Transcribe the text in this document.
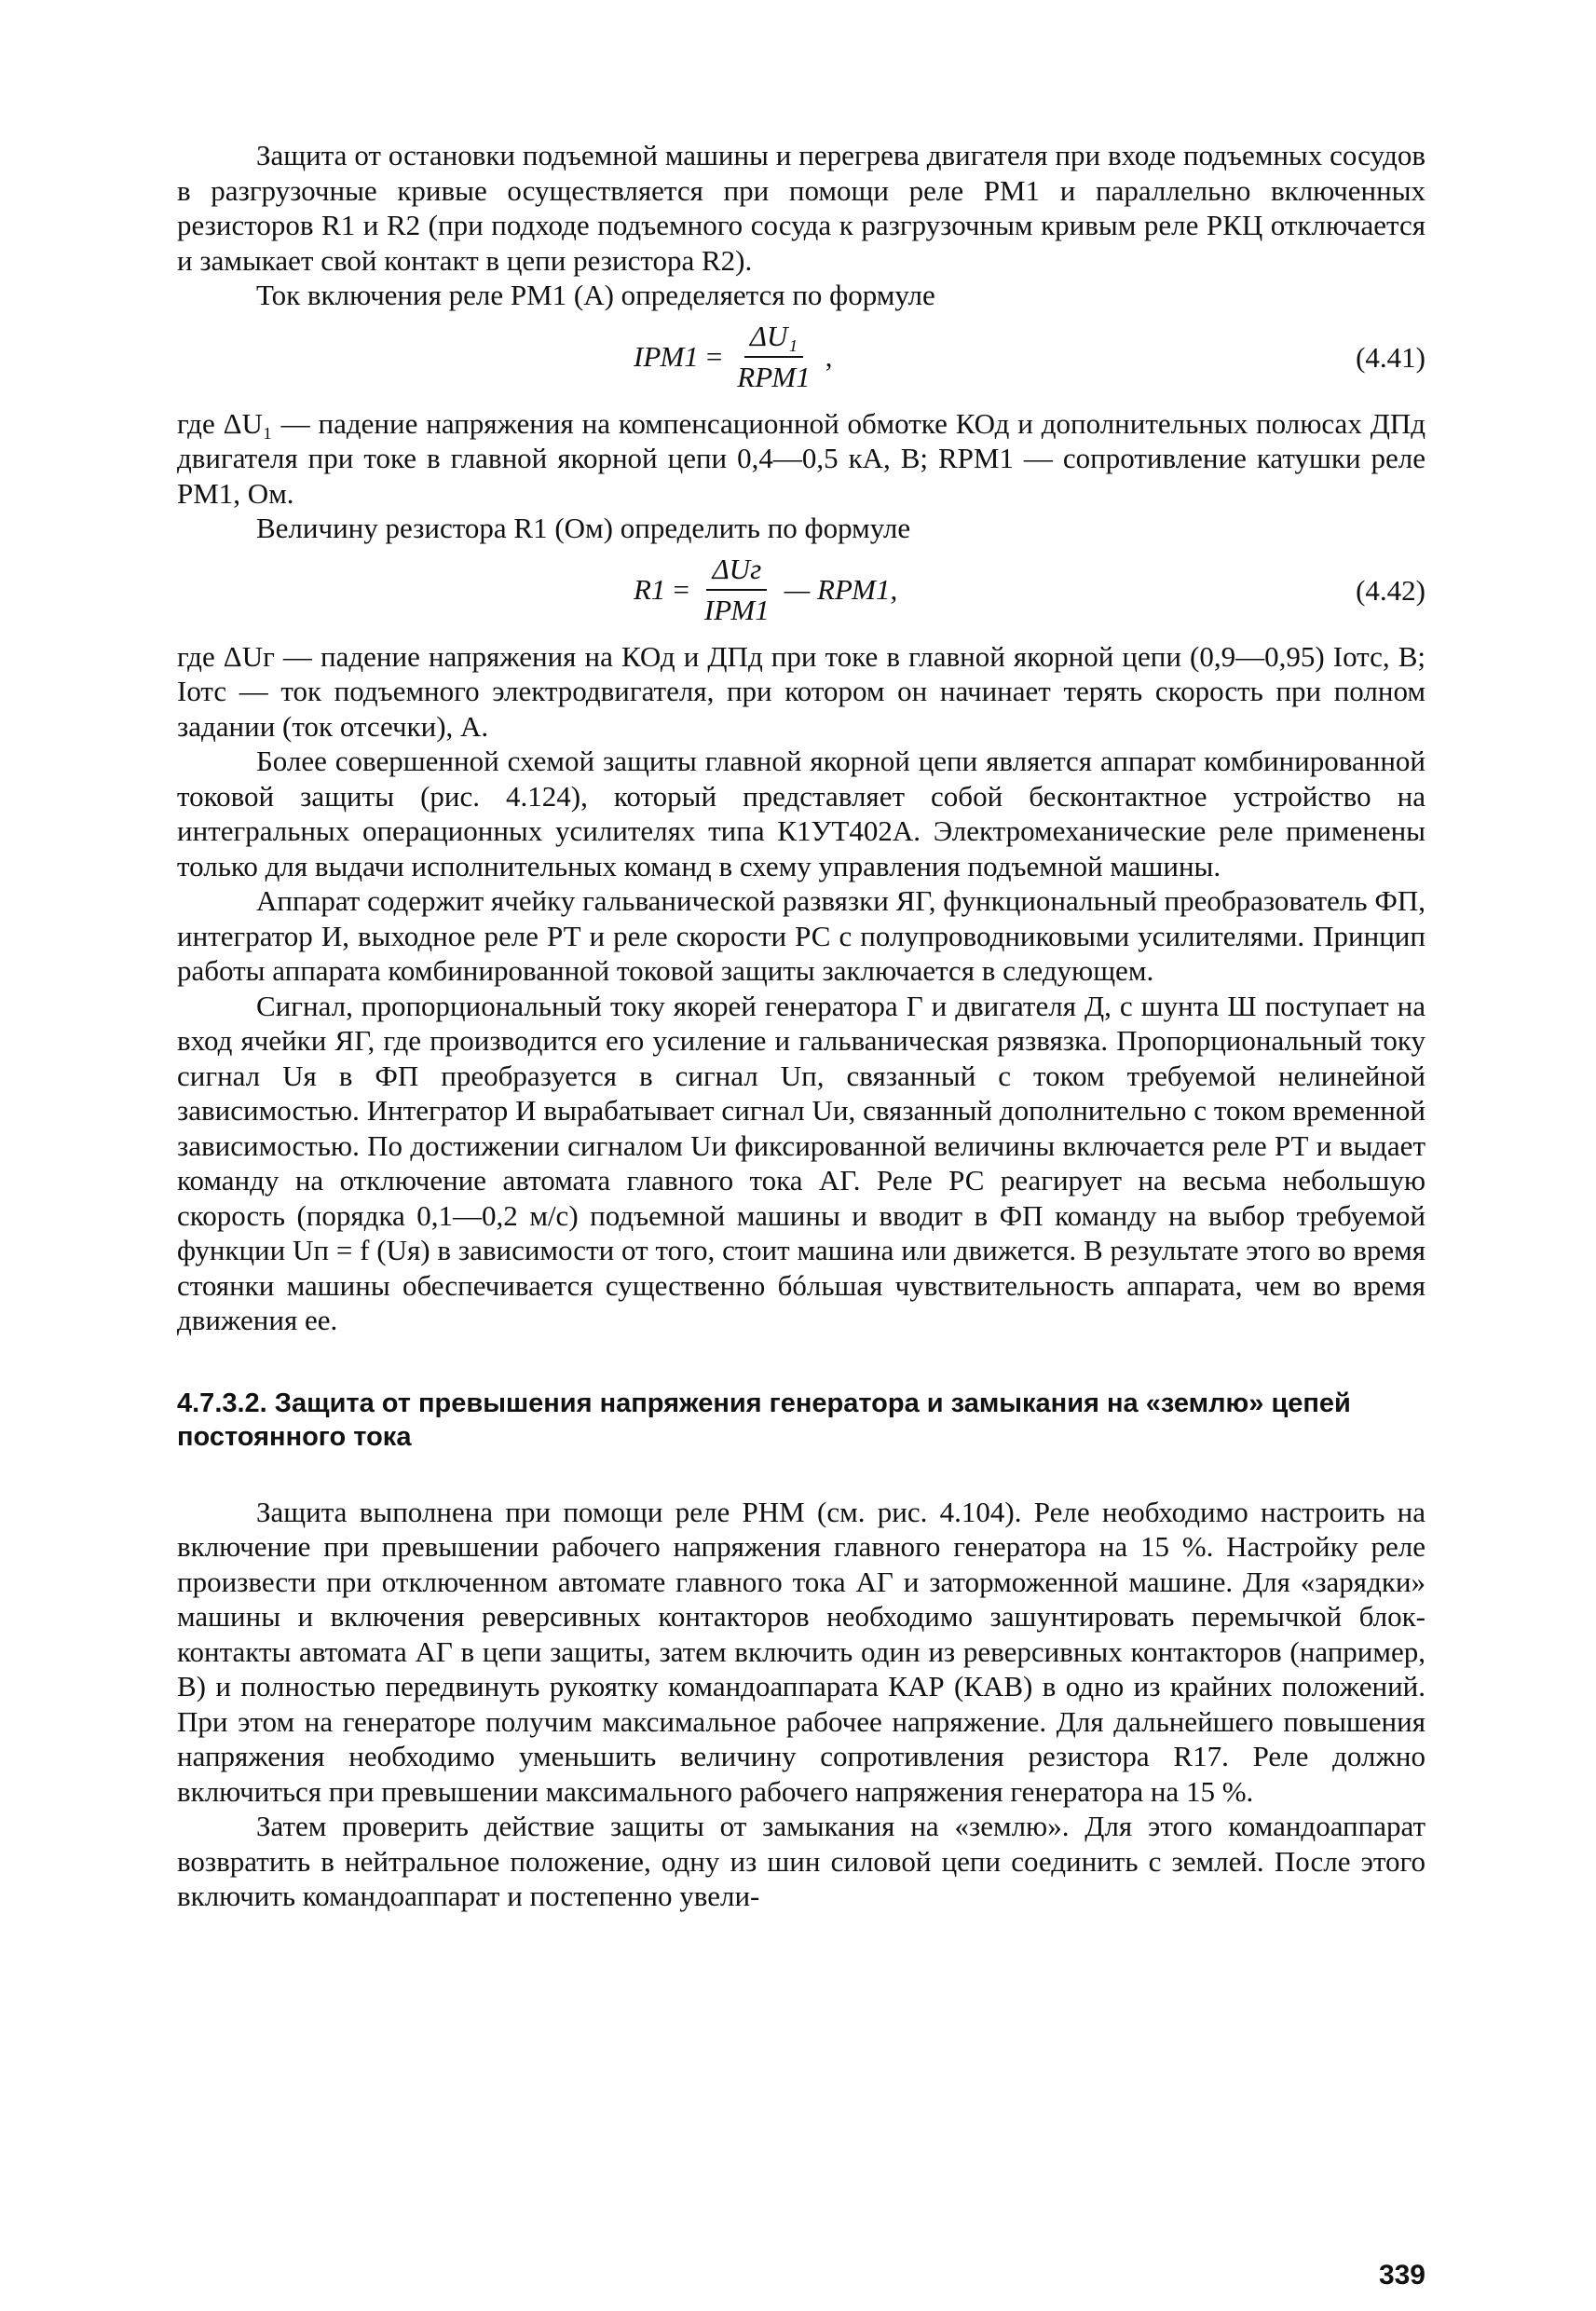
Защита от остановки подъемной машины и перегрева двигателя при входе подъемных сосудов в разгрузочные кривые осуществляется при помощи реле РМ1 и параллельно включенных резисторов R1 и R2 (при подходе подъемного сосуда к разгрузочным кривым реле РКЦ отключается и замыкает свой контакт в цепи резистора R2).

Ток включения реле РМ1 (А) определяется по формуле

$IРМ1 = \frac{\text{ΔU₁}}{\text{RРМ1}}$ ,	(4.41)

где ΔU₁ — падение напряжения на компенсационной обмотке КОд и дополнительных полюсах ДПд двигателя при токе в главной якорной цепи 0,4—0,5 кА, В; RРМ1 — сопротивление катушки реле РМ1, Ом.

Величину резистора R1 (Ом) определить по формуле

$R1 = \frac{\text{ΔUг}}{\text{IРМ1}}$ — RРМ1,	(4.42)

где ΔUг — падение напряжения на КОд и ДПд при токе в главной якорной цепи (0,9—0,95) Iотс, В; Iотс — ток подъемного электродвигателя, при котором он начинает терять скорость при полном задании (ток отсечки), А.

Более совершенной схемой защиты главной якорной цепи является аппарат комбинированной токовой защиты (рис. 4.124), который представляет собой бесконтактное устройство на интегральных операционных усилителях типа К1УТ402А. Электромеханические реле применены только для выдачи исполнительных команд в схему управления подъемной машины.

Аппарат содержит ячейку гальванической развязки ЯГ, функциональный преобразователь ФП, интегратор И, выходное реле РТ и реле скорости РС с полупроводниковыми усилителями. Принцип работы аппарата комбинированной токовой защиты заключается в следующем.

Сигнал, пропорциональный току якорей генератора Г и двигателя Д, с шунта Ш поступает на вход ячейки ЯГ, где производится его усиление и гальваническая рязвязка. Пропорциональный току сигнал Uя в ФП преобразуется в сигнал Uп, связанный с током требуемой нелинейной зависимостью. Интегратор И вырабатывает сигнал Uи, связанный дополнительно с током временной зависимостью. По достижении сигналом Uи фиксированной величины включается реле РТ и выдает команду на отключение автомата главного тока АГ. Реле РС реагирует на весьма небольшую скорость (порядка 0,1—0,2 м/с) подъемной машины и вводит в ФП команду на выбор требуемой функции Uп = f (Uя) в зависимости от того, стоит машина или движется. В результате этого во время стоянки машины обеспечивается существенно бóльшая чувствительность аппарата, чем во время движения ее.

4.7.3.2. Защита от превышения напряжения генератора и замыкания на «землю» цепей постоянного тока

Защита выполнена при помощи реле РНМ (см. рис. 4.104). Реле необходимо настроить на включение при превышении рабочего напряжения главного генератора на 15 %. Настройку реле произвести при отключенном автомате главного тока АГ и заторможенной машине. Для «зарядки» машины и включения реверсивных контакторов необходимо зашунтировать перемычкой блок-контакты автомата АГ в цепи защиты, затем включить один из реверсивных контакторов (например, В) и полностью передвинуть рукоятку командоаппарата КАР (КАВ) в одно из крайних положений. При этом на генераторе получим максимальное рабочее напряжение. Для дальнейшего повышения напряжения необходимо уменьшить величину сопротивления резистора R17. Реле должно включиться при превышении максимального рабочего напряжения генератора на 15 %.

Затем проверить действие защиты от замыкания на «землю». Для этого командоаппарат возвратить в нейтральное положение, одну из шин силовой цепи соединить с землей. После этого включить командоаппарат и постепенно увели-

339
